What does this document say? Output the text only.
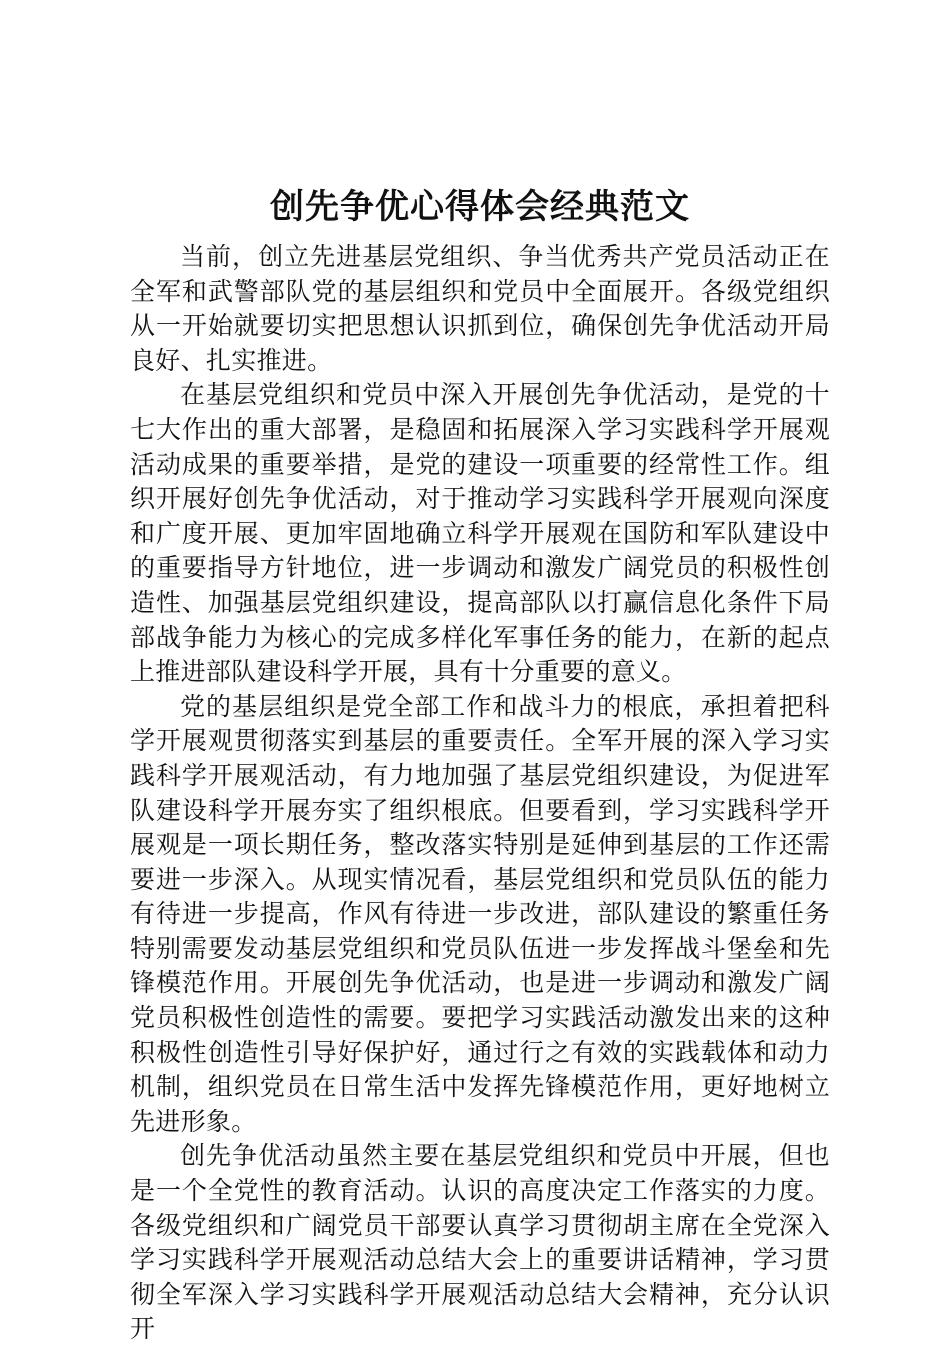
创先争优心得体会经典范文

当前，创立先进基层党组织、争当优秀共产党员活动正在全军和武警部队党的基层组织和党员中全面展开。各级党组织从一开始就要切实把思想认识抓到位，确保创先争优活动开局良好、扎实推进。

在基层党组织和党员中深入开展创先争优活动，是党的十七大作出的重大部署，是稳固和拓展深入学习实践科学开展观活动成果的重要举措，是党的建设一项重要的经常性工作。组织开展好创先争优活动，对于推动学习实践科学开展观向深度和广度开展、更加牢固地确立科学开展观在国防和军队建设中的重要指导方针地位，进一步调动和激发广阔党员的积极性创造性、加强基层党组织建设，提高部队以打赢信息化条件下局部战争能力为核心的完成多样化军事任务的能力，在新的起点上推进部队建设科学开展，具有十分重要的意义。

党的基层组织是党全部工作和战斗力的根底，承担着把科学开展观贯彻落实到基层的重要责任。全军开展的深入学习实践科学开展观活动，有力地加强了基层党组织建设，为促进军队建设科学开展夯实了组织根底。但要看到，学习实践科学开展观是一项长期任务，整改落实特别是延伸到基层的工作还需要进一步深入。从现实情况看，基层党组织和党员队伍的能力有待进一步提高，作风有待进一步改进，部队建设的繁重任务特别需要发动基层党组织和党员队伍进一步发挥战斗堡垒和先锋模范作用。开展创先争优活动，也是进一步调动和激发广阔党员积极性创造性的需要。要把学习实践活动激发出来的这种积极性创造性引导好保护好，通过行之有效的实践载体和动力机制，组织党员在日常生活中发挥先锋模范作用，更好地树立先进形象。

创先争优活动虽然主要在基层党组织和党员中开展，但也是一个全党性的教育活动。认识的高度决定工作落实的力度。各级党组织和广阔党员干部要认真学习贯彻胡主席在全党深入学习实践科学开展观活动总结大会上的重要讲话精神，学习贯彻全军深入学习实践科学开展观活动总结大会精神，充分认识开
